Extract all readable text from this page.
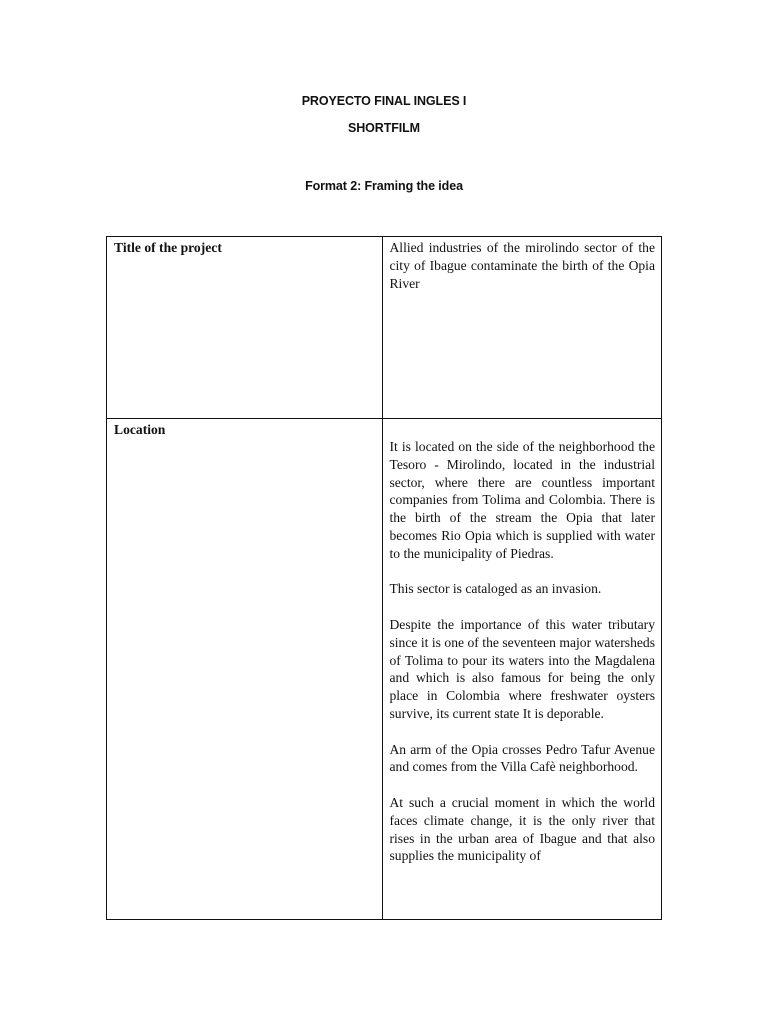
PROYECTO FINAL INGLES I
SHORTFILM
Format 2: Framing the idea
Title of the project	Allied industries of the mirolindo sector of the city of Ibague contaminate the birth of the Opia River

Location	It is located on the side of the neighborhood the Tesoro - Mirolindo, located in the industrial sector, where there are countless important companies from Tolima and Colombia. There is the birth of the stream the Opia that later becomes Rio Opia which is supplied with water to the municipality of Piedras.

This sector is cataloged as an invasion.

Despite the importance of this water tributary since it is one of the seventeen major watersheds of Tolima to pour its waters into the Magdalena and which is also famous for being the only place in Colombia where freshwater oysters survive, its current state It is deporable.

An arm of the Opia crosses Pedro Tafur Avenue and comes from the Villa Cafè neighborhood.

At such a crucial moment in which the world faces climate change, it is the only river that rises in the urban area of Ibague and that also supplies the municipality of
